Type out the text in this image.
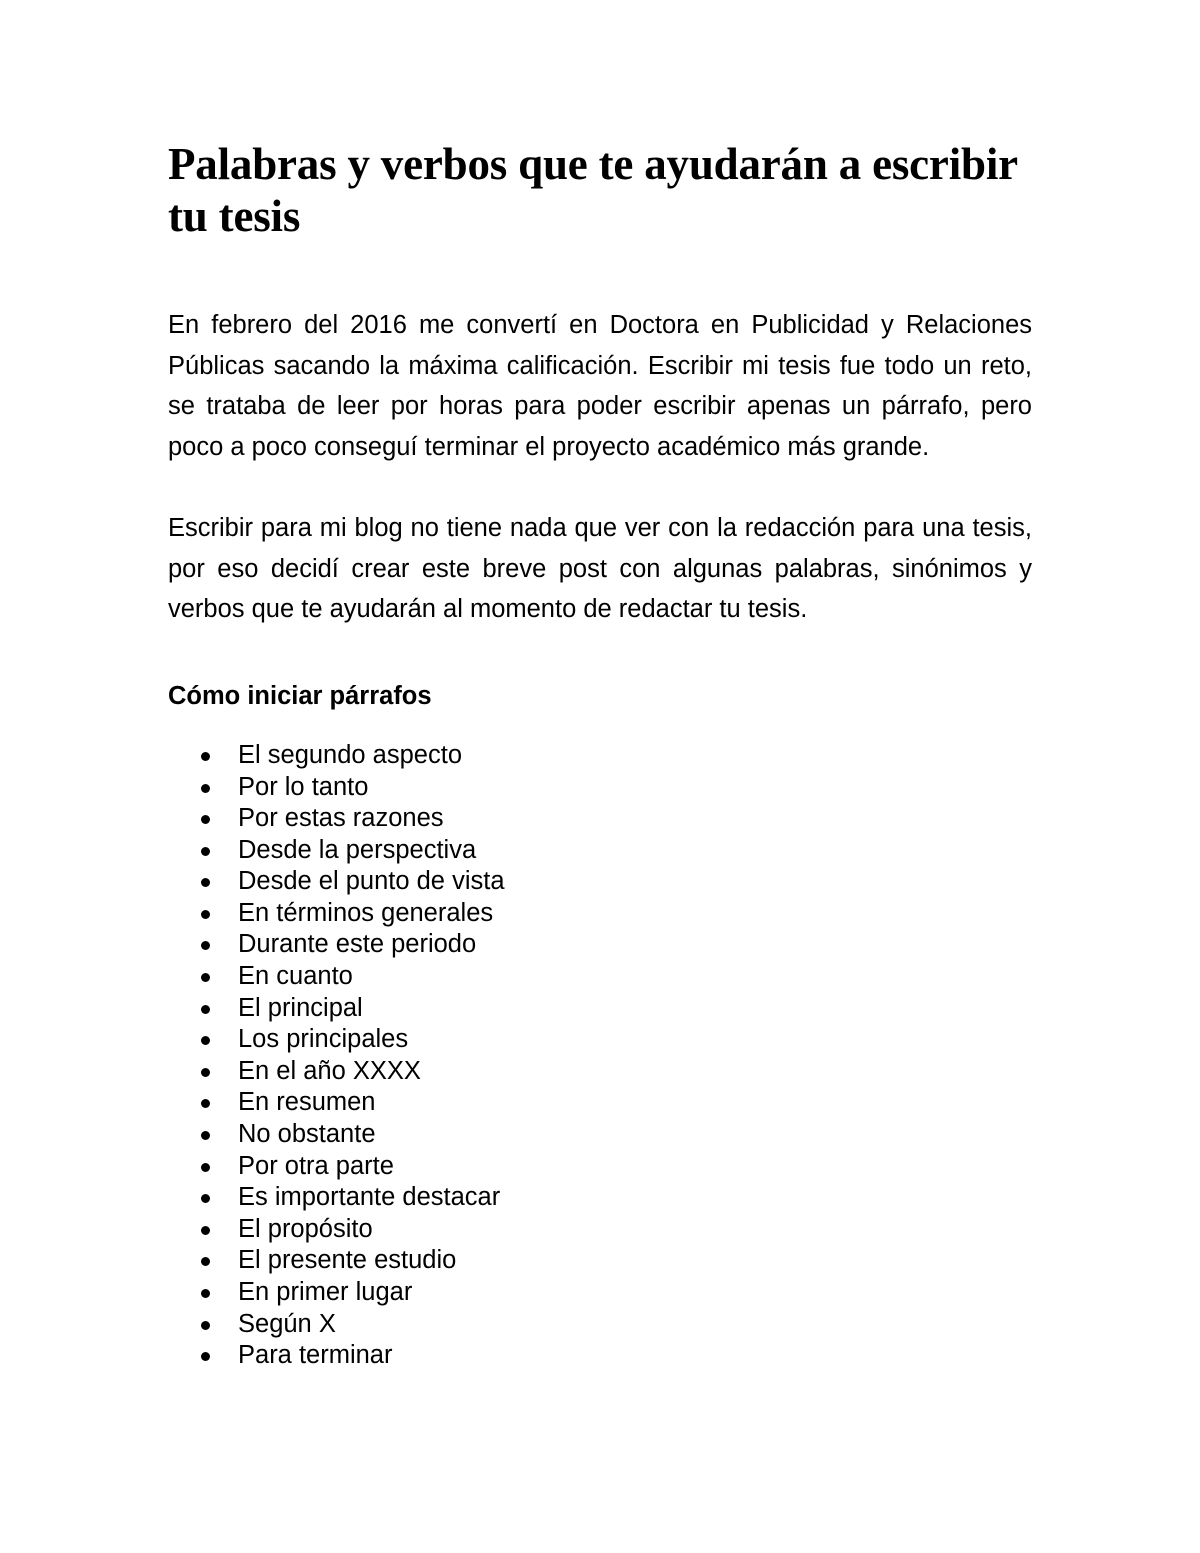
Palabras y verbos que te ayudarán a escribir tu tesis

En febrero del 2016 me convertí en Doctora en Publicidad y Relaciones Públicas sacando la máxima calificación. Escribir mi tesis fue todo un reto, se trataba de leer por horas para poder escribir apenas un párrafo, pero poco a poco conseguí terminar el proyecto académico más grande.

Escribir para mi blog no tiene nada que ver con la redacción para una tesis, por eso decidí crear este breve post con algunas palabras, sinónimos y verbos que te ayudarán al momento de redactar tu tesis.

Cómo iniciar párrafos
El segundo aspecto
Por lo tanto
Por estas razones
Desde la perspectiva
Desde el punto de vista
En términos generales
Durante este periodo
En cuanto
El principal
Los principales
En el año XXXX
En resumen
No obstante
Por otra parte
Es importante destacar
El propósito
El presente estudio
En primer lugar
Según X
Para terminar
